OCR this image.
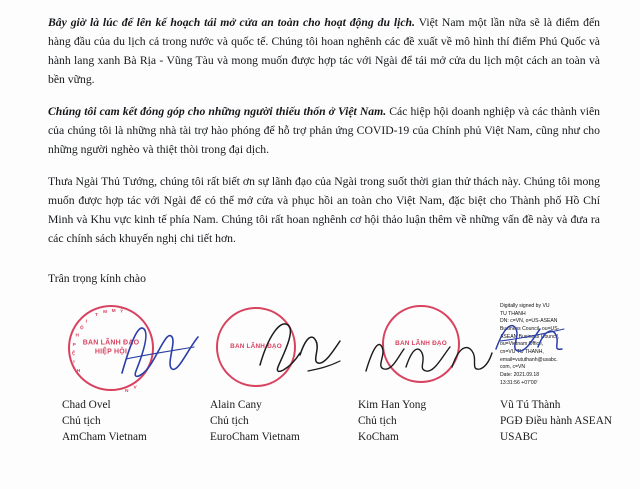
Bây giờ là lúc để lên kế hoạch tái mở cửa an toàn cho hoạt động du lịch. Việt Nam một lần nữa sẽ là điểm đến hàng đầu của du lịch cả trong nước và quốc tế. Chúng tôi hoan nghênh các đề xuất về mô hình thí điểm Phú Quốc và hành lang xanh Bà Rịa - Vũng Tàu và mong muốn được hợp tác với Ngài để tái mở cửa du lịch một cách an toàn và bền vững.

Chúng tôi cam kết đóng góp cho những người thiếu thốn ở Việt Nam. Các hiệp hội doanh nghiệp và các thành viên của chúng tôi là những nhà tài trợ hào phóng để hỗ trợ phản ứng COVID-19 của Chính phủ Việt Nam, cũng như cho những người nghèo và thiệt thòi trong đại dịch.

Thưa Ngài Thủ Tướng, chúng tôi rất biết ơn sự lãnh đạo của Ngài trong suốt thời gian thử thách này. Chúng tôi mong muốn được hợp tác với Ngài để có thể mở cửa và phục hồi an toàn cho Việt Nam, đặc biệt cho Thành phố Hồ Chí Minh và Khu vực kinh tế phía Nam. Chúng tôi rất hoan nghênh cơ hội thảo luận thêm về những vấn đề này và đưa ra các chính sách khuyến nghị chi tiết hơn.

Trân trọng kính chào

H
I
Ệ
P
H
Ộ
I
T
M M Ỹ
V
N
BAN LÃNH ĐẠO HIỆP HỘI
Chad Ovel
Chủ tịch
AmCham Vietnam
BAN LÃNH ĐẠO
Alain Cany
Chủ tịch
EuroCham Vietnam
BAN LÃNH ĐẠO
Kim Han Yong
Chủ tịch
KoCham
Digitally signed by VU
TU THANH
DN: c=VN, o=US-ASEAN
Business Council, ou=US-
ASEAN Business Council,
ou=Vietnam Office,
cn=VU TU THANH,
email=vututhanh@usabc.
com, c=VN
Date: 2021.09.18
13:31:56 +07'00'
Vũ Tú Thành
PGĐ Điều hành ASEAN
USABC
